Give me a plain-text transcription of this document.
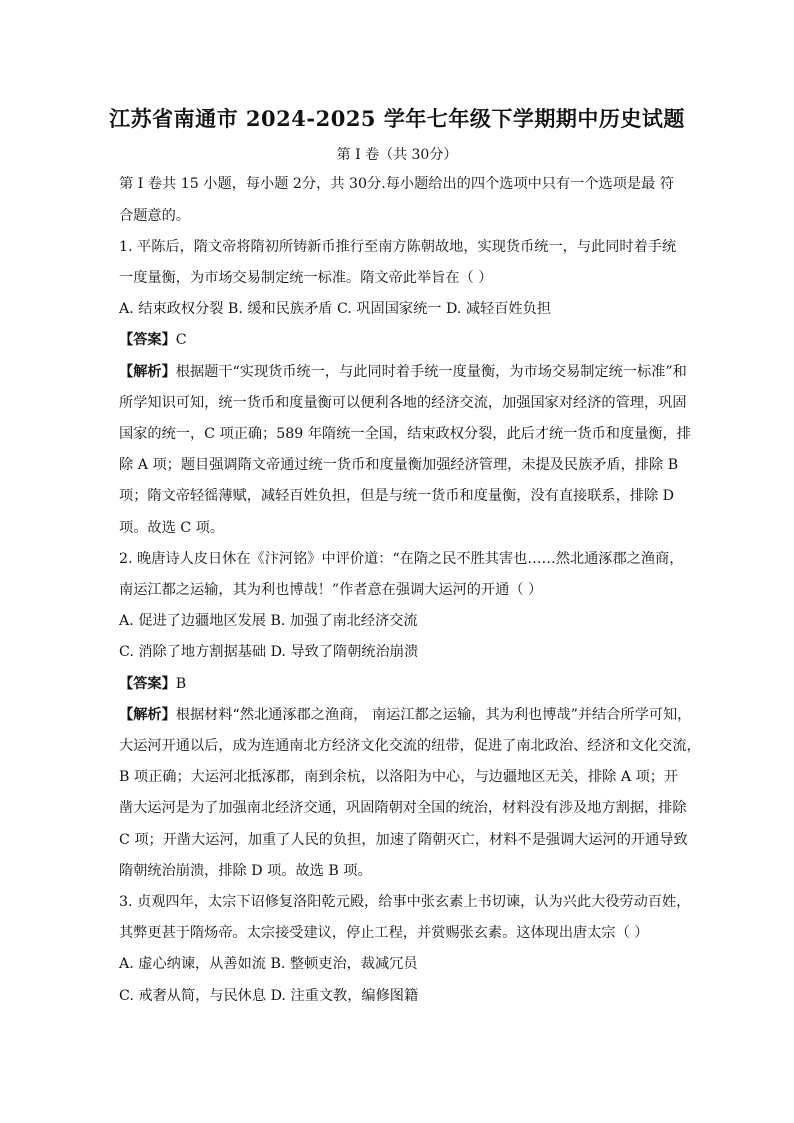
江苏省南通市 2024-2025 学年七年级下学期期中历史试题
第 I 卷（共 30分）
第 I 卷共 15 小题，每小题 2分，共 30分.每小题给出的四个选项中只有一个选项是最 符
合题意的。
1. 平陈后，隋文帝将隋初所铸新币推行至南方陈朝故地，实现货币统一，与此同时着手统
一度量衡，为市场交易制定统一标准。隋文帝此举旨在（ ）
A. 结束政权分裂 B. 缓和民族矛盾 C. 巩固国家统一 D. 减轻百姓负担
【答案】C
【解析】根据题干“实现货币统一，与此同时着手统一度量衡，为市场交易制定统一标准”和
所学知识可知，统一货币和度量衡可以便利各地的经济交流，加强国家对经济的管理，巩固
国家的统一，C 项正确；589 年隋统一全国，结束政权分裂，此后才统一货币和度量衡，排
除 A 项；题目强调隋文帝通过统一货币和度量衡加强经济管理，未提及民族矛盾，排除 B
项；隋文帝轻徭薄赋，减轻百姓负担，但是与统一货币和度量衡，没有直接联系，排除 D
项。故选 C 项。
2. 晚唐诗人皮日休在《汴河铭》中评价道：“在隋之民不胜其害也……然北通涿郡之渔商，
南运江都之运输，其为利也博哉！”作者意在强调大运河的开通（ ）
A. 促进了边疆地区发展 B. 加强了南北经济交流
C. 消除了地方割据基础 D. 导致了隋朝统治崩溃
【答案】B
【解析】根据材料“然北通涿郡之渔商， 南运江都之运输，其为利也博哉”并结合所学可知，
大运河开通以后，成为连通南北方经济文化交流的纽带，促进了南北政治、经济和文化交流，
B 项正确；大运河北抵涿郡，南到余杭，以洛阳为中心，与边疆地区无关，排除 A 项；开
凿大运河是为了加强南北经济交通，巩固隋朝对全国的统治，材料没有涉及地方割据，排除
C 项；开凿大运河，加重了人民的负担，加速了隋朝灭亡，材料不是强调大运河的开通导致
隋朝统治崩溃，排除 D 项。故选 B 项。
3. 贞观四年，太宗下诏修复洛阳乾元殿，给事中张玄素上书切谏，认为兴此大役劳动百姓，
其弊更甚于隋炀帝。太宗接受建议，停止工程，并赏赐张玄素。这体现出唐太宗（ ）
A. 虚心纳谏，从善如流 B. 整顿吏治，裁减冗员
C. 戒奢从简，与民休息 D. 注重文教，编修图籍
